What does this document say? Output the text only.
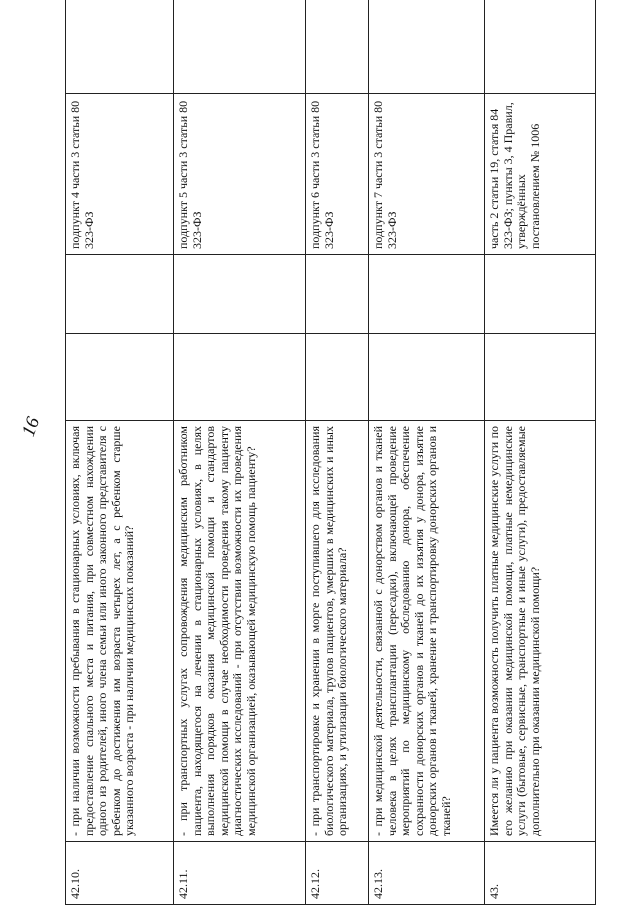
16
42.10.	- при наличии возможности пребывания в стационарных условиях, включая предоставление спального места и питания, при совместном нахождении одного из родителей, иного члена семьи или иного законного представителя с ребенком до достижения им возраста четырех лет, а с ребенком старше указанного возраста - при наличии медицинских показаний?			подпункт 4 части 3 статьи 80 323-ФЗ	
42.11.	- при транспортных услугах сопровождения медицинским работником пациента, находящегося на лечении в стационарных условиях, в целях выполнения порядков оказания медицинской помощи и стандартов медицинской помощи в случае необходимости проведения такому пациенту диагностических исследований - при отсутствии возможности их проведения медицинской организацией, оказывающей медицинскую помощь пациенту?			подпункт 5 части 3 статьи 80 323-ФЗ	
42.12.	- при транспортировке и хранении в морге поступившего для исследования биологического материала, трупов пациентов, умерших в медицинских и иных организациях, и утилизации биологического материала?			подпункт 6 части 3 статьи 80 323-ФЗ	
42.13.	- при медицинской деятельности, связанной с донорством органов и тканей человека в целях трансплантации (пересадки), включающей проведение мероприятий по медицинскому обследованию донора, обеспечение сохранности донорских органов и тканей до их изъятия у донора, изъятие донорских органов и тканей, хранение и транспортировку донорских органов и тканей?			подпункт 7 части 3 статьи 80 323-ФЗ	
43.	Имеется ли у пациента возможность получить платные медицинские услуги по его желанию при оказании медицинской помощи, платные немедицинские услуги (бытовые, сервисные, транспортные и иные услуги), предоставляемые дополнительно при оказании медицинской помощи?			часть 2 статьи 19, статья 84 323-ФЗ; пункты 3, 4 Правил, утверждённых постановлением № 1006	
